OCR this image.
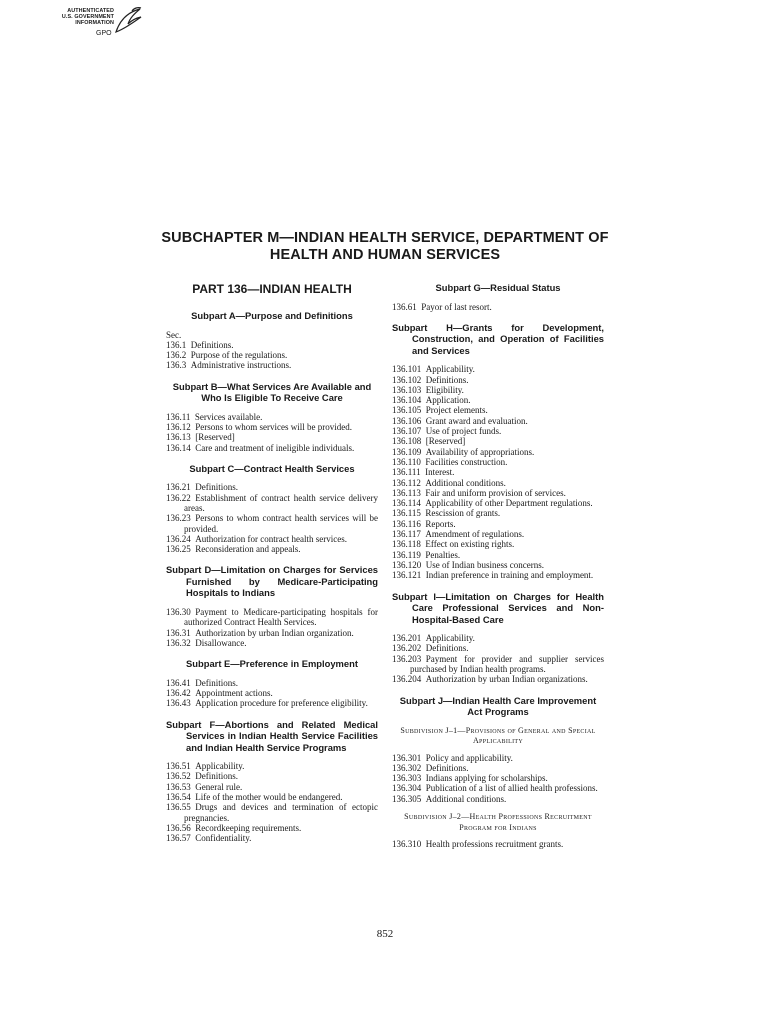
AUTHENTICATED
U.S. GOVERNMENT
INFORMATION
GPO
SUBCHAPTER M—INDIAN HEALTH SERVICE, DEPARTMENT OF HEALTH AND HUMAN SERVICES
PART 136—INDIAN HEALTH
Subpart A—Purpose and Definitions
Sec.
136.1 Definitions.
136.2 Purpose of the regulations.
136.3 Administrative instructions.
Subpart B—What Services Are Available and Who Is Eligible To Receive Care
136.11 Services available.
136.12 Persons to whom services will be provided.
136.13 [Reserved]
136.14 Care and treatment of ineligible individuals.
Subpart C—Contract Health Services
136.21 Definitions.
136.22 Establishment of contract health service delivery areas.
136.23 Persons to whom contract health services will be provided.
136.24 Authorization for contract health services.
136.25 Reconsideration and appeals.
Subpart D—Limitation on Charges for Services Furnished by Medicare-Participating Hospitals to Indians
136.30 Payment to Medicare-participating hospitals for authorized Contract Health Services.
136.31 Authorization by urban Indian organization.
136.32 Disallowance.
Subpart E—Preference in Employment
136.41 Definitions.
136.42 Appointment actions.
136.43 Application procedure for preference eligibility.
Subpart F—Abortions and Related Medical Services in Indian Health Service Facilities and Indian Health Service Programs
136.51 Applicability.
136.52 Definitions.
136.53 General rule.
136.54 Life of the mother would be endangered.
136.55 Drugs and devices and termination of ectopic pregnancies.
136.56 Recordkeeping requirements.
136.57 Confidentiality.
Subpart G—Residual Status
136.61 Payor of last resort.
Subpart H—Grants for Development, Construction, and Operation of Facilities and Services
136.101 Applicability.
136.102 Definitions.
136.103 Eligibility.
136.104 Application.
136.105 Project elements.
136.106 Grant award and evaluation.
136.107 Use of project funds.
136.108 [Reserved]
136.109 Availability of appropriations.
136.110 Facilities construction.
136.111 Interest.
136.112 Additional conditions.
136.113 Fair and uniform provision of services.
136.114 Applicability of other Department regulations.
136.115 Rescission of grants.
136.116 Reports.
136.117 Amendment of regulations.
136.118 Effect on existing rights.
136.119 Penalties.
136.120 Use of Indian business concerns.
136.121 Indian preference in training and employment.
Subpart I—Limitation on Charges for Health Care Professional Services and Non-Hospital-Based Care
136.201 Applicability.
136.202 Definitions.
136.203 Payment for provider and supplier services purchased by Indian health programs.
136.204 Authorization by urban Indian organizations.
Subpart J—Indian Health Care Improvement Act Programs
Subdivision J–1—Provisions of General and Special Applicability
136.301 Policy and applicability.
136.302 Definitions.
136.303 Indians applying for scholarships.
136.304 Publication of a list of allied health professions.
136.305 Additional conditions.
Subdivision J–2—Health Professions Recruitment Program for Indians
136.310 Health professions recruitment grants.
852
